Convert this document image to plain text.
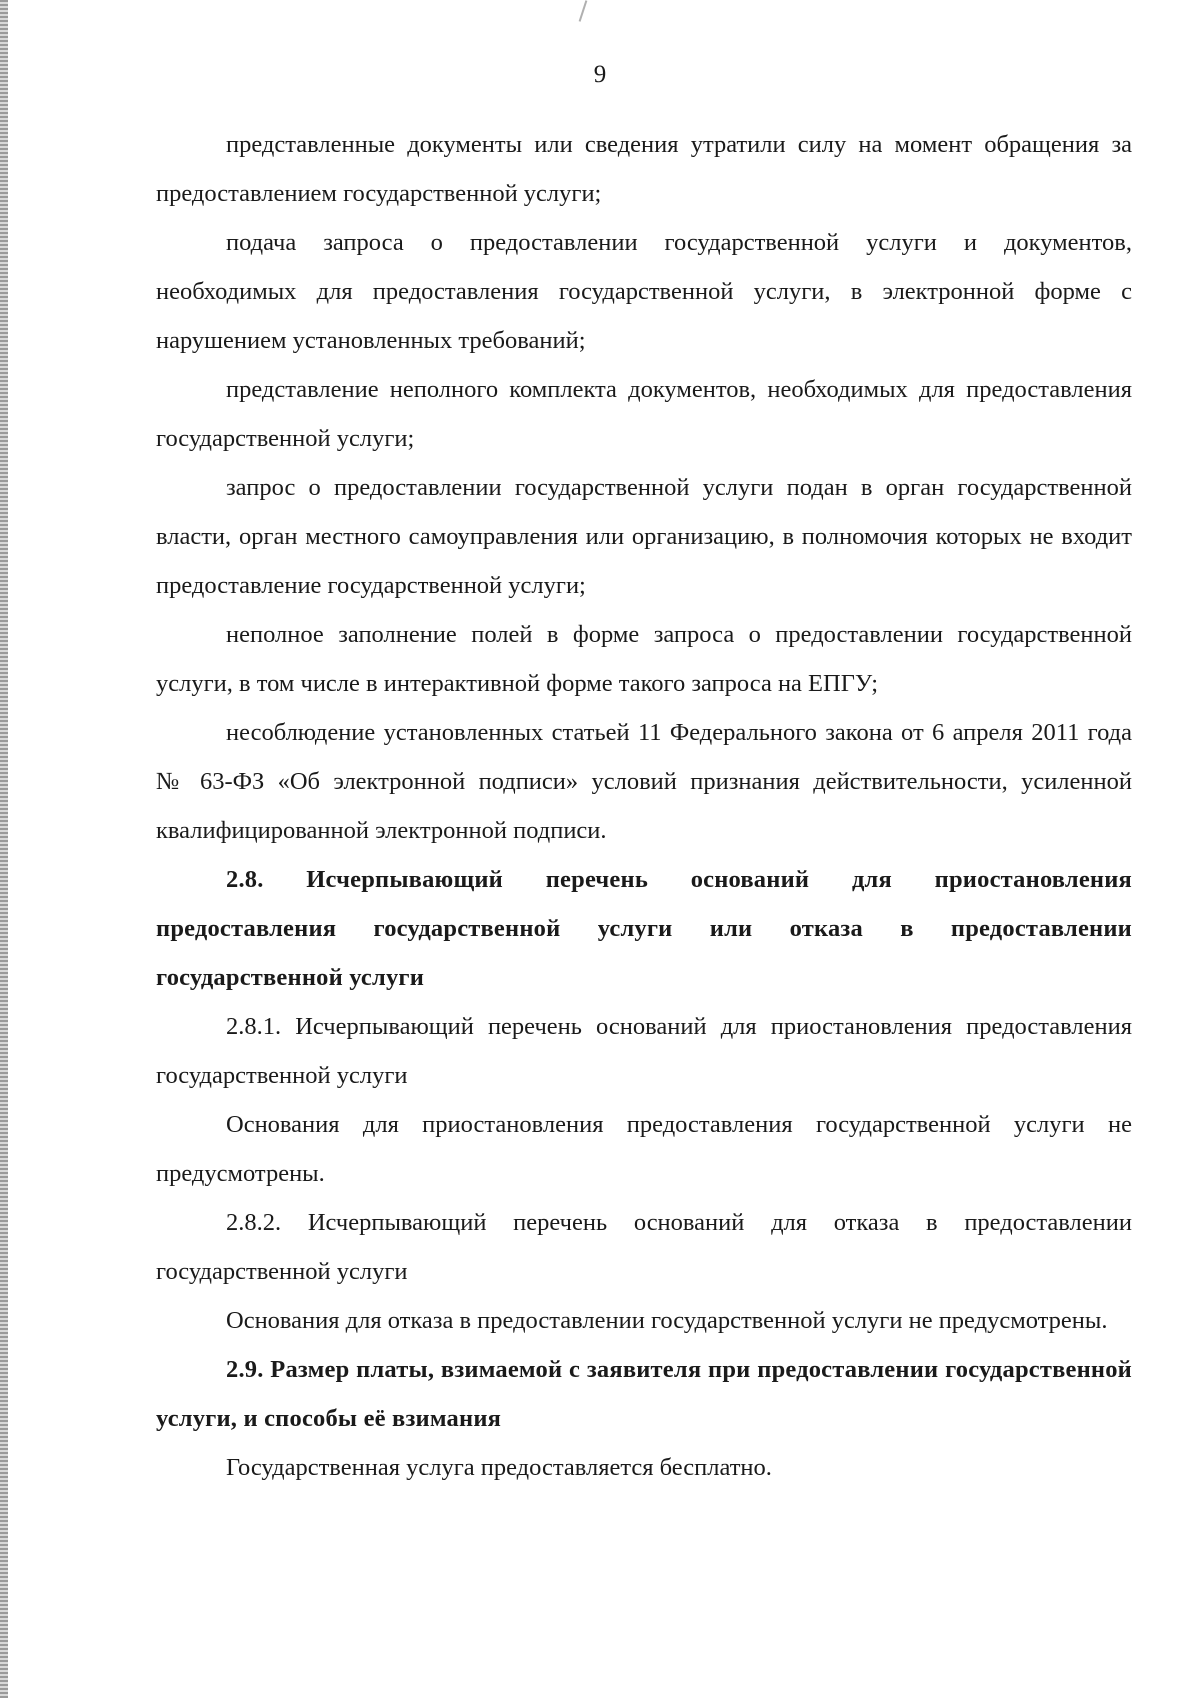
9

представленные документы или сведения утратили силу на момент обращения за предоставлением государственной услуги;

подача запроса о предоставлении государственной услуги и документов, необходимых для предоставления государственной услуги, в электронной форме с нарушением установленных требований;

представление неполного комплекта документов, необходимых для предоставления государственной услуги;

запрос о предоставлении государственной услуги подан в орган государственной власти, орган местного самоуправления или организацию, в полномочия которых не входит предоставление государственной услуги;

неполное заполнение полей в форме запроса о предоставлении государственной услуги, в том числе в интерактивной форме такого запроса на ЕПГУ;

несоблюдение установленных статьей 11 Федерального закона от 6 апреля 2011 года № 63-ФЗ «Об электронной подписи» условий признания действительности, усиленной квалифицированной электронной подписи.

2.8. Исчерпывающий перечень оснований для приостановления предоставления государственной услуги или отказа в предоставлении государственной услуги

2.8.1. Исчерпывающий перечень оснований для приостановления предоставления государственной услуги

Основания для приостановления предоставления государственной услуги не предусмотрены.

2.8.2. Исчерпывающий перечень оснований для отказа в предоставлении государственной услуги

Основания для отказа в предоставлении государственной услуги не предусмотрены.

2.9. Размер платы, взимаемой с заявителя при предоставлении государственной услуги, и способы её взимания

Государственная услуга предоставляется бесплатно.
